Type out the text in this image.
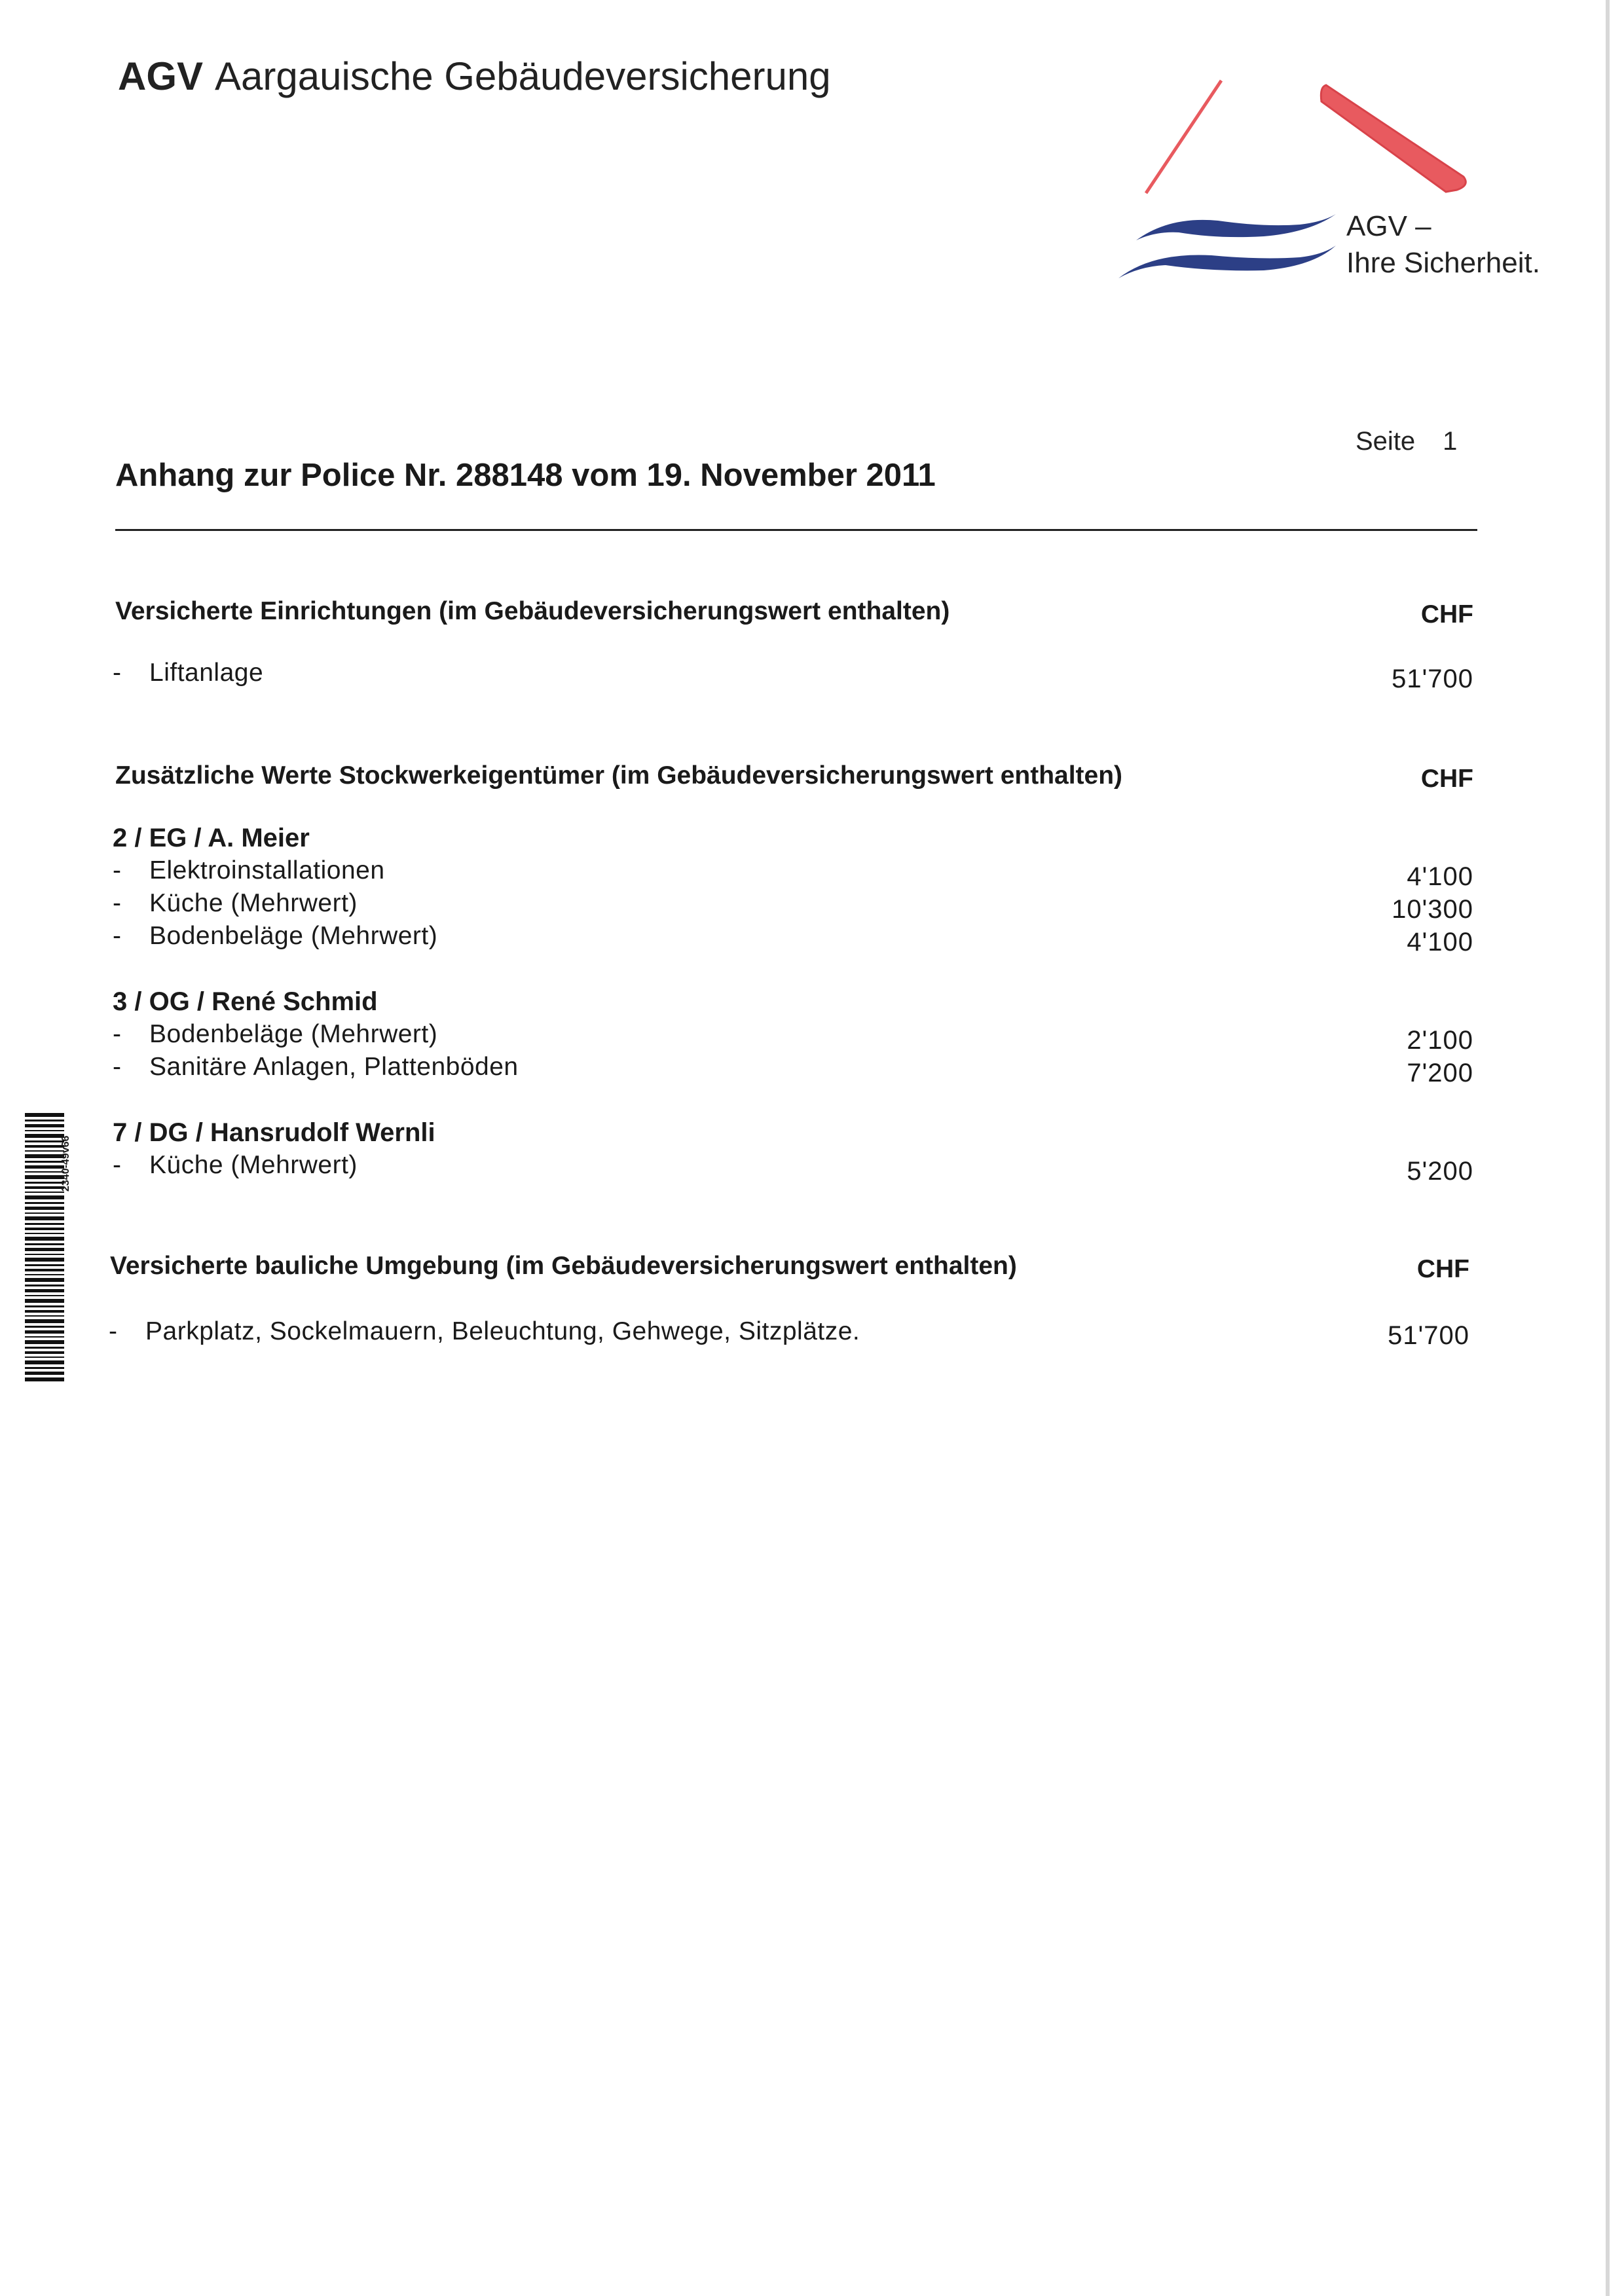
AGV Aargauische Gebäudeversicherung
AGV –
Ihre Sicherheit.
Seite 1
Anhang zur Police Nr. 288148 vom 19. November 2011
Versicherte Einrichtungen (im Gebäudeversicherungswert enthalten)	CHF
- Liftanlage	51'700
Zusätzliche Werte Stockwerkeigentümer (im Gebäudeversicherungswert enthalten)	CHF
2 / EG / A. Meier
- Elektroinstallationen	4'100
- Küche (Mehrwert)	10'300
- Bodenbeläge (Mehrwert)	4'100
3 / OG / René Schmid
- Bodenbeläge (Mehrwert)	2'100
- Sanitäre Anlagen, Plattenböden	7'200
7 / DG / Hansrudolf Wernli
- Küche (Mehrwert)	5'200
Versicherte bauliche Umgebung (im Gebäudeversicherungswert enthalten)	CHF
- Parkplatz, Sockelmauern, Beleuchtung, Gehwege, Sitzplätze.	51'700
2340-49v66
